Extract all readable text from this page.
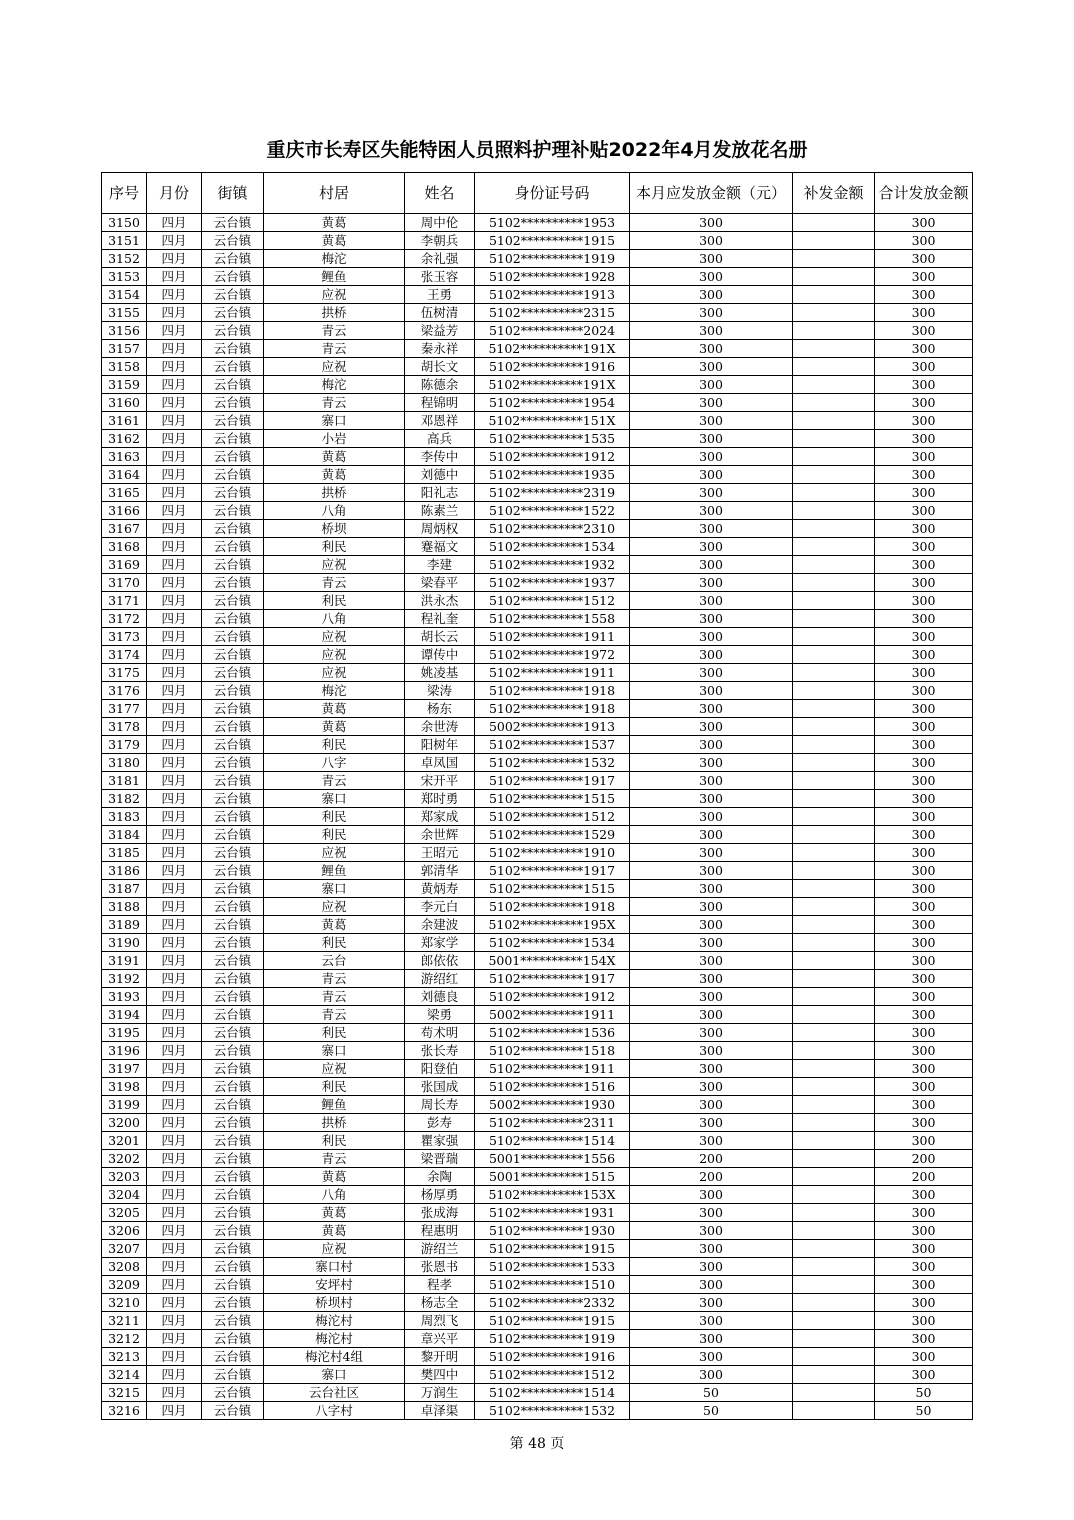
重庆市长寿区失能特困人员照料护理补贴2022年4月发放花名册
序号	月份	街镇	村居	姓名	身份证号码	本月应发放金额（元）	补发金额	合计发放金额
3150	四月	云台镇	黄葛	周中伦	5102**********1953	300		300
3151	四月	云台镇	黄葛	李朝兵	5102**********1915	300		300
3152	四月	云台镇	梅沱	余礼强	5102**********1919	300		300
3153	四月	云台镇	鲤鱼	张玉容	5102**********1928	300		300
3154	四月	云台镇	应祝	王勇	5102**********1913	300		300
3155	四月	云台镇	拱桥	伍树清	5102**********2315	300		300
3156	四月	云台镇	青云	梁益芳	5102**********2024	300		300
3157	四月	云台镇	青云	秦永祥	5102**********191X	300		300
3158	四月	云台镇	应祝	胡长文	5102**********1916	300		300
3159	四月	云台镇	梅沱	陈德余	5102**********191X	300		300
3160	四月	云台镇	青云	程锦明	5102**********1954	300		300
3161	四月	云台镇	寨口	邓恩祥	5102**********151X	300		300
3162	四月	云台镇	小岩	高兵	5102**********1535	300		300
3163	四月	云台镇	黄葛	李传中	5102**********1912	300		300
3164	四月	云台镇	黄葛	刘德中	5102**********1935	300		300
3165	四月	云台镇	拱桥	阳礼志	5102**********2319	300		300
3166	四月	云台镇	八角	陈素兰	5102**********1522	300		300
3167	四月	云台镇	桥坝	周炳权	5102**********2310	300		300
3168	四月	云台镇	利民	蹇福文	5102**********1534	300		300
3169	四月	云台镇	应祝	李建	5102**********1932	300		300
3170	四月	云台镇	青云	梁春平	5102**********1937	300		300
3171	四月	云台镇	利民	洪永杰	5102**********1512	300		300
3172	四月	云台镇	八角	程礼奎	5102**********1558	300		300
3173	四月	云台镇	应祝	胡长云	5102**********1911	300		300
3174	四月	云台镇	应祝	谭传中	5102**********1972	300		300
3175	四月	云台镇	应祝	姚凌基	5102**********1911	300		300
3176	四月	云台镇	梅沱	梁涛	5102**********1918	300		300
3177	四月	云台镇	黄葛	杨东	5102**********1918	300		300
3178	四月	云台镇	黄葛	余世涛	5002**********1913	300		300
3179	四月	云台镇	利民	阳树年	5102**********1537	300		300
3180	四月	云台镇	八字	卓凤国	5102**********1532	300		300
3181	四月	云台镇	青云	宋开平	5102**********1917	300		300
3182	四月	云台镇	寨口	郑时勇	5102**********1515	300		300
3183	四月	云台镇	利民	郑家成	5102**********1512	300		300
3184	四月	云台镇	利民	余世辉	5102**********1529	300		300
3185	四月	云台镇	应祝	王昭元	5102**********1910	300		300
3186	四月	云台镇	鲤鱼	郭清华	5102**********1917	300		300
3187	四月	云台镇	寨口	黄炳寿	5102**********1515	300		300
3188	四月	云台镇	应祝	李元白	5102**********1918	300		300
3189	四月	云台镇	黄葛	余建波	5102**********195X	300		300
3190	四月	云台镇	利民	郑家学	5102**********1534	300		300
3191	四月	云台镇	云台	郎依依	5001**********154X	300		300
3192	四月	云台镇	青云	游绍红	5102**********1917	300		300
3193	四月	云台镇	青云	刘德良	5102**********1912	300		300
3194	四月	云台镇	青云	梁勇	5002**********1911	300		300
3195	四月	云台镇	利民	苟术明	5102**********1536	300		300
3196	四月	云台镇	寨口	张长寿	5102**********1518	300		300
3197	四月	云台镇	应祝	阳登伯	5102**********1911	300		300
3198	四月	云台镇	利民	张国成	5102**********1516	300		300
3199	四月	云台镇	鲤鱼	周长寿	5002**********1930	300		300
3200	四月	云台镇	拱桥	彭寿	5102**********2311	300		300
3201	四月	云台镇	利民	瞿家强	5102**********1514	300		300
3202	四月	云台镇	青云	梁晋瑞	5001**********1556	200		200
3203	四月	云台镇	黄葛	余陶	5001**********1515	200		200
3204	四月	云台镇	八角	杨厚勇	5102**********153X	300		300
3205	四月	云台镇	黄葛	张成海	5102**********1931	300		300
3206	四月	云台镇	黄葛	程惠明	5102**********1930	300		300
3207	四月	云台镇	应祝	游绍兰	5102**********1915	300		300
3208	四月	云台镇	寨口村	张恩书	5102**********1533	300		300
3209	四月	云台镇	安坪村	程孝	5102**********1510	300		300
3210	四月	云台镇	桥坝村	杨志全	5102**********2332	300		300
3211	四月	云台镇	梅沱村	周烈飞	5102**********1915	300		300
3212	四月	云台镇	梅沱村	章兴平	5102**********1919	300		300
3213	四月	云台镇	梅沱村4组	黎开明	5102**********1916	300		300
3214	四月	云台镇	寨口	樊四中	5102**********1512	300		300
3215	四月	云台镇	云台社区	万润生	5102**********1514	50		50
3216	四月	云台镇	八字村	卓泽渠	5102**********1532	50		50
第 48 页
